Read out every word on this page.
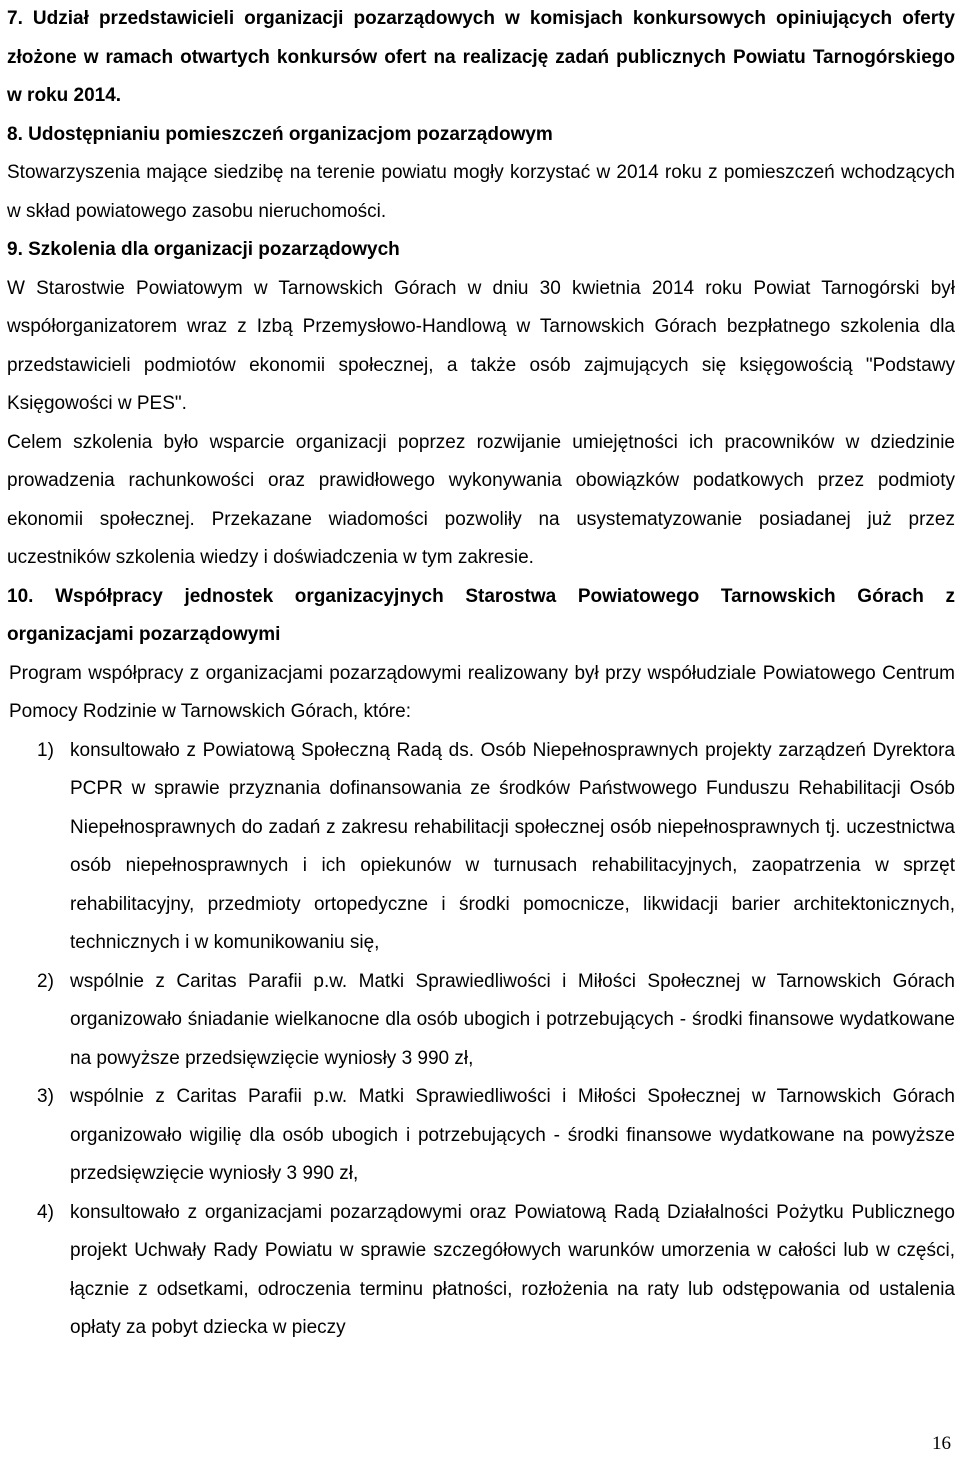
7. Udział przedstawicieli organizacji pozarządowych w komisjach konkursowych opiniujących oferty złożone w ramach otwartych konkursów ofert na realizację zadań publicznych Powiatu Tarnogórskiego w roku 2014.

8. Udostępnianiu pomieszczeń organizacjom pozarządowym

Stowarzyszenia mające siedzibę na terenie powiatu mogły korzystać w 2014 roku z pomieszczeń wchodzących w skład powiatowego zasobu nieruchomości.

9. Szkolenia dla organizacji pozarządowych

W Starostwie Powiatowym w Tarnowskich Górach w dniu 30 kwietnia 2014 roku Powiat Tarnogórski był współorganizatorem wraz z Izbą Przemysłowo-Handlową w Tarnowskich Górach bezpłatnego szkolenia dla przedstawicieli podmiotów ekonomii społecznej, a także osób zajmujących się księgowością "Podstawy Księgowości w PES".

Celem szkolenia było wsparcie organizacji poprzez rozwijanie umiejętności ich pracowników w dziedzinie prowadzenia rachunkowości oraz prawidłowego wykonywania obowiązków podatkowych przez podmioty ekonomii społecznej. Przekazane wiadomości pozwoliły na usystematyzowanie posiadanej już przez uczestników szkolenia wiedzy i doświadczenia w tym zakresie.

10. Współpracy jednostek organizacyjnych Starostwa Powiatowego Tarnowskich Górach z organizacjami pozarządowymi

Program współpracy z organizacjami pozarządowymi realizowany był przy współudziale Powiatowego Centrum Pomocy Rodzinie w Tarnowskich Górach, które:

1) konsultowało z Powiatową Społeczną Radą ds. Osób Niepełnosprawnych projekty zarządzeń Dyrektora PCPR w sprawie przyznania dofinansowania ze środków Państwowego Funduszu Rehabilitacji Osób Niepełnosprawnych do zadań z zakresu rehabilitacji społecznej osób niepełnosprawnych tj. uczestnictwa osób niepełnosprawnych i ich opiekunów w turnusach rehabilitacyjnych, zaopatrzenia w sprzęt rehabilitacyjny, przedmioty ortopedyczne i środki pomocnicze, likwidacji barier architektonicznych, technicznych i w komunikowaniu się,
2) wspólnie z Caritas Parafii p.w. Matki Sprawiedliwości i Miłości Społecznej w Tarnowskich Górach organizowało śniadanie wielkanocne dla osób ubogich i potrzebujących - środki finansowe wydatkowane na powyższe przedsięwzięcie wyniosły 3 990 zł,
3) wspólnie z Caritas Parafii p.w. Matki Sprawiedliwości i Miłości Społecznej w Tarnowskich Górach organizowało wigilię dla osób ubogich i potrzebujących - środki finansowe wydatkowane na powyższe przedsięwzięcie wyniosły 3 990 zł,
4) konsultowało z organizacjami pozarządowymi oraz Powiatową Radą Działalności Pożytku Publicznego projekt Uchwały Rady Powiatu w sprawie szczegółowych warunków umorzenia w całości lub w części, łącznie z odsetkami, odroczenia terminu płatności, rozłożenia na raty lub odstępowania od ustalenia opłaty za pobyt dziecka w pieczy
16
